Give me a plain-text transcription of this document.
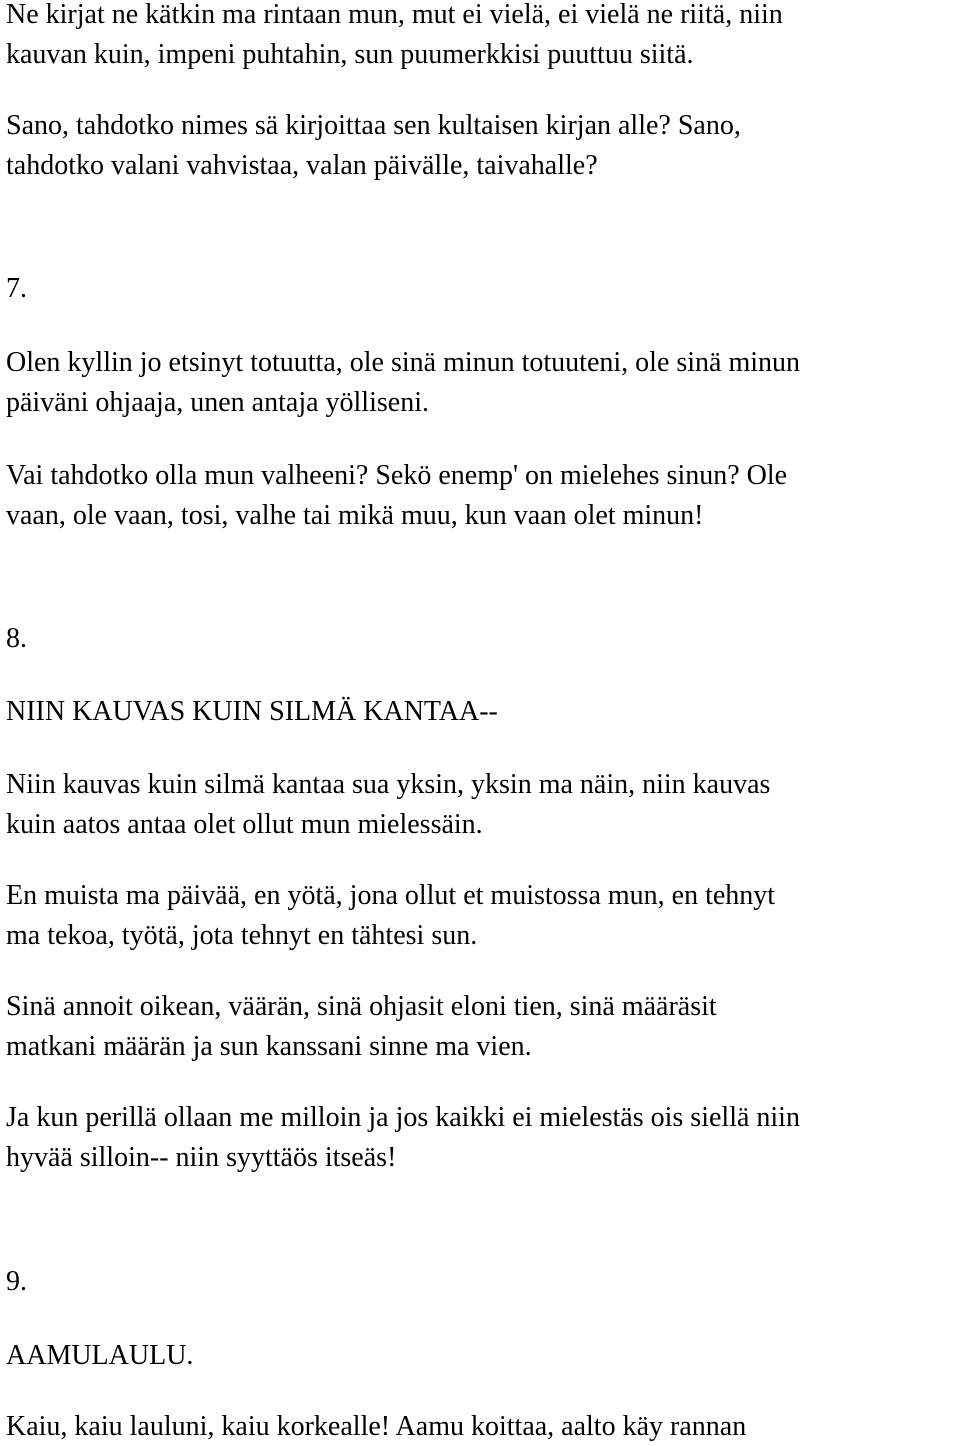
Ne kirjat ne kätkin ma rintaan mun, mut ei vielä, ei vielä ne riitä, niin
kauvan kuin, impeni puhtahin, sun puumerkkisi puuttuu siitä.
Sano, tahdotko nimes sä kirjoittaa sen kultaisen kirjan alle? Sano,
tahdotko valani vahvistaa, valan päivälle, taivahalle?
7.
Olen kyllin jo etsinyt totuutta, ole sinä minun totuuteni, ole sinä minun
päiväni ohjaaja, unen antaja yölliseni.
Vai tahdotko olla mun valheeni? Sekö enemp' on mielehes sinun? Ole
vaan, ole vaan, tosi, valhe tai mikä muu, kun vaan olet minun!
8.
NIIN KAUVAS KUIN SILMÄ KANTAA--
Niin kauvas kuin silmä kantaa sua yksin, yksin ma näin, niin kauvas
kuin aatos antaa olet ollut mun mielessäin.
En muista ma päivää, en yötä, jona ollut et muistossa mun, en tehnyt
ma tekoa, työtä, jota tehnyt en tähtesi sun.
Sinä annoit oikean, väärän, sinä ohjasit eloni tien, sinä määräsit
matkani määrän ja sun kanssani sinne ma vien.
Ja kun perillä ollaan me milloin ja jos kaikki ei mielestäs ois siellä niin
hyvää silloin-- niin syyttäös itseäs!
9.
AAMULAULU.
Kaiu, kaiu lauluni, kaiu korkealle! Aamu koittaa, aalto käy rannan
